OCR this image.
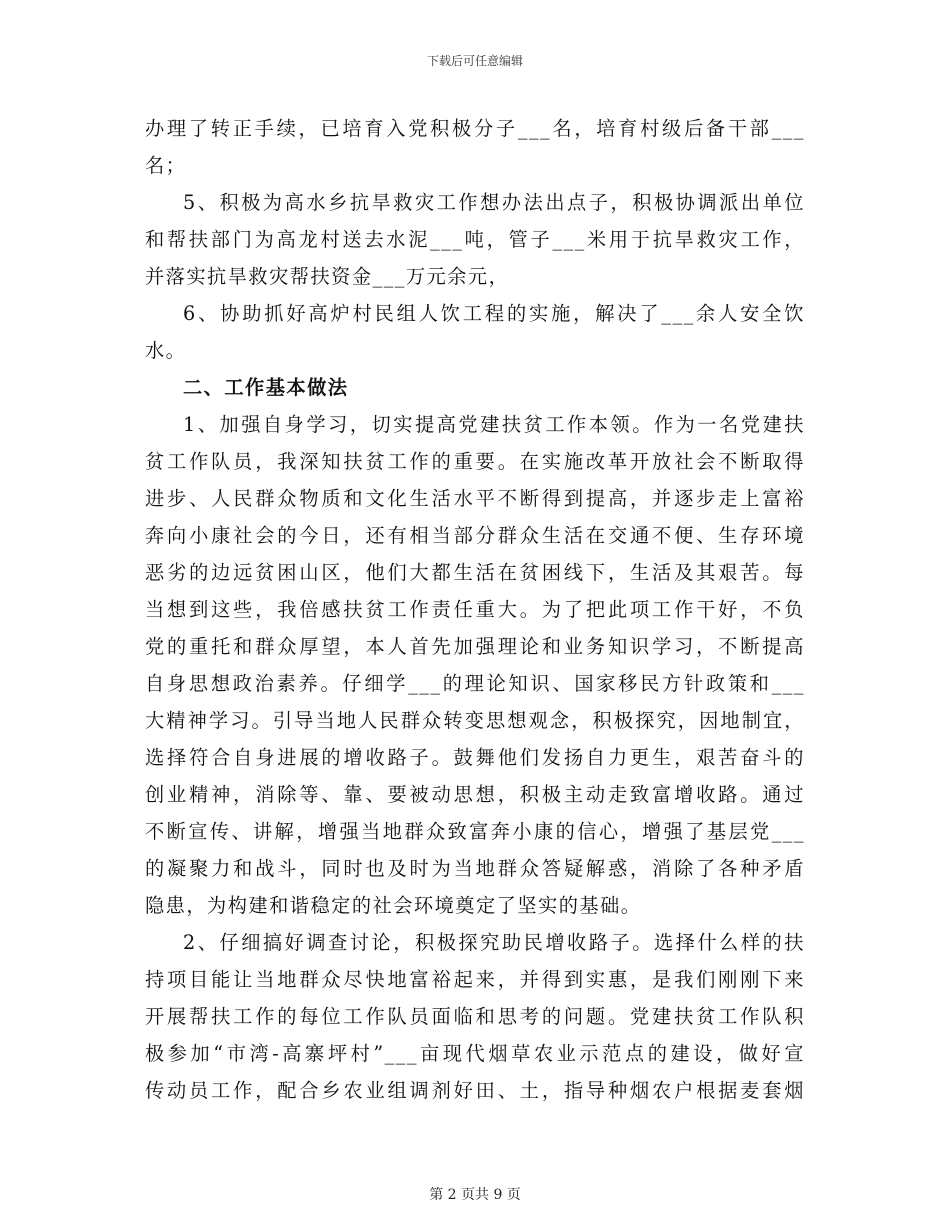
下载后可任意编辑
办理了转正手续，已培育入党积极分子___名，培育村级后备干部___
名；
5、积极为高水乡抗旱救灾工作想办法出点子，积极协调派出单位
和帮扶部门为高龙村送去水泥___吨，管子___米用于抗旱救灾工作，
并落实抗旱救灾帮扶资金___万元余元，
6、协助抓好高炉村民组人饮工程的实施，解决了___余人安全饮
水。
二、工作基本做法
1、加强自身学习，切实提高党建扶贫工作本领。作为一名党建扶
贫工作队员，我深知扶贫工作的重要。在实施改革开放社会不断取得
进步、人民群众物质和文化生活水平不断得到提高，并逐步走上富裕
奔向小康社会的今日，还有相当部分群众生活在交通不便、生存环境
恶劣的边远贫困山区，他们大都生活在贫困线下，生活及其艰苦。每
当想到这些，我倍感扶贫工作责任重大。为了把此项工作干好，不负
党的重托和群众厚望，本人首先加强理论和业务知识学习，不断提高
自身思想政治素养。仔细学___的理论知识、国家移民方针政策和___
大精神学习。引导当地人民群众转变思想观念，积极探究，因地制宜，
选择符合自身进展的增收路子。鼓舞他们发扬自力更生，艰苦奋斗的
创业精神，消除等、靠、要被动思想，积极主动走致富增收路。通过
不断宣传、讲解，增强当地群众致富奔小康的信心，增强了基层党___
的凝聚力和战斗，同时也及时为当地群众答疑解惑，消除了各种矛盾
隐患，为构建和谐稳定的社会环境奠定了坚实的基础。
2、仔细搞好调查讨论，积极探究助民增收路子。选择什么样的扶
持项目能让当地群众尽快地富裕起来，并得到实惠，是我们刚刚下来
开展帮扶工作的每位工作队员面临和思考的问题。党建扶贫工作队积
极参加“市湾-高寨坪村”___亩现代烟草农业示范点的建设，做好宣
传动员工作，配合乡农业组调剂好田、土，指导种烟农户根据麦套烟
第 2 页共 9 页
